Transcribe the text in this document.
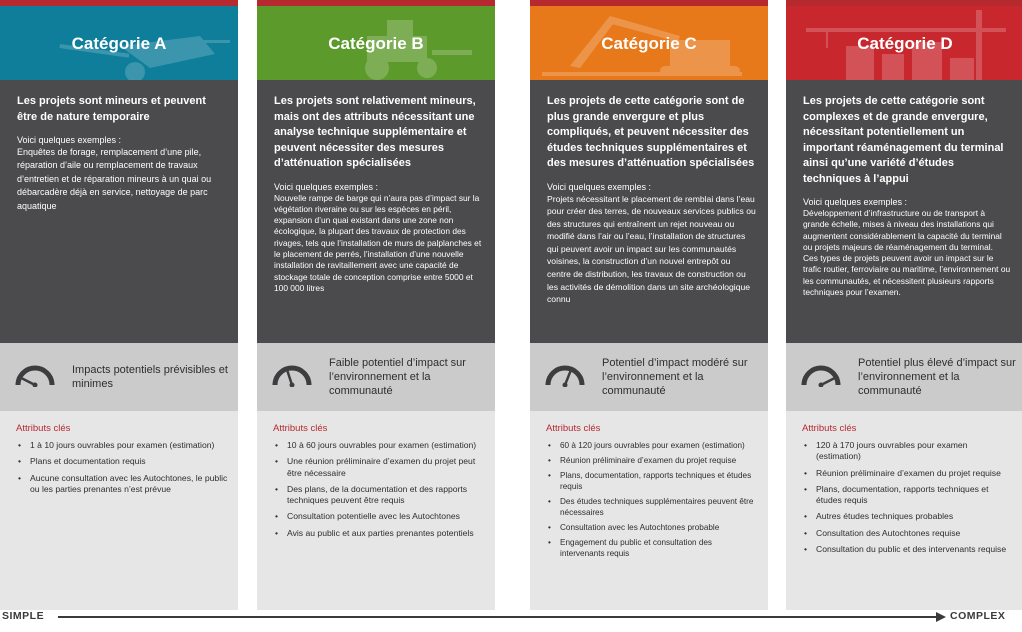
Catégorie A

Les projets sont mineurs et peuvent être de nature temporaire

Voici quelques exemples :

Enquêtes de forage, remplacement d’une pile, réparation d’aile ou remplacement de travaux d’entretien et de réparation mineurs à un quai ou débarcadère déjà en service, nettoyage de parc aquatique

Impacts potentiels prévisibles et minimes

Attributs clés

• 1 à 10 jours ouvrables pour examen (estimation)
• Plans et documentation requis
• Aucune consultation avec les Autochtones, le public ou les parties prenantes n’est prévue
Catégorie B

Les projets sont relativement mineurs, mais ont des attributs nécessitant une analyse technique supplémentaire et peuvent nécessiter des mesures d’atténuation spécialisées

Voici quelques exemples :

Nouvelle rampe de barge qui n’aura pas d’impact sur la végétation riveraine ou sur les espèces en péril, expansion d’un quai existant dans une zone non écologique, la plupart des travaux de protection des rivages, tels que l’installation de murs de palplanches et le placement de perrés, l’installation d’une nouvelle installation de ravitaillement avec une capacité de stockage totale de conception comprise entre 5000 et 100 000 litres

Faible potentiel d’impact sur l’environnement et la communauté

Attributs clés

• 10 à 60 jours ouvrables pour examen (estimation)
• Une réunion préliminaire d’examen du projet peut être nécessaire
• Des plans, de la documentation et des rapports techniques peuvent être requis
• Consultation potentielle avec les Autochtones
• Avis au public et aux parties prenantes potentiels
Catégorie C

Les projets de cette catégorie sont de plus grande envergure et plus compliqués, et peuvent nécessiter des études techniques supplémentaires et des mesures d’atténuation spécialisées

Voici quelques exemples :

Projets nécessitant le placement de remblai dans l’eau pour créer des terres, de nouveaux services publics ou des structures qui entraînent un rejet nouveau ou modifié dans l’air ou l’eau, l’installation de structures qui peuvent avoir un impact sur les communautés voisines, la construction d’un nouvel entrepôt ou centre de distribution, les travaux de construction ou les activités de démolition dans un site archéologique connu

Potentiel d’impact modéré sur l’environnement et la communauté

Attributs clés

• 60 à 120 jours ouvrables pour examen (estimation)
• Réunion préliminaire d’examen du projet requise
• Plans, documentation, rapports techniques et études requis
• Des études techniques supplémentaires peuvent être nécessaires
• Consultation avec les Autochtones probable
• Engagement du public et consultation des intervenants requis
Catégorie D

Les projets de cette catégorie sont complexes et de grande envergure, nécessitant potentiellement un important réaménagement du terminal ainsi qu’une variété d’études techniques à l’appui

Voici quelques exemples :

Développement d’infrastructure ou de transport à grande échelle, mises à niveau des installations qui augmentent considérablement la capacité du terminal ou projets majeurs de réaménagement du terminal.

Ces types de projets peuvent avoir un impact sur le trafic routier, ferroviaire ou maritime, l’environnement ou les communautés, et nécessitent plusieurs rapports techniques pour l’examen.

Potentiel plus élevé d’impact sur l’environnement et la communauté

Attributs clés

• 120 à 170 jours ouvrables pour examen (estimation)
• Réunion préliminaire d’examen du projet requise
• Plans, documentation, rapports techniques et études requis
• Autres études techniques probables
• Consultation des Autochtones requise
• Consultation du public et des intervenants requise
SIMPLE	COMPLEX
